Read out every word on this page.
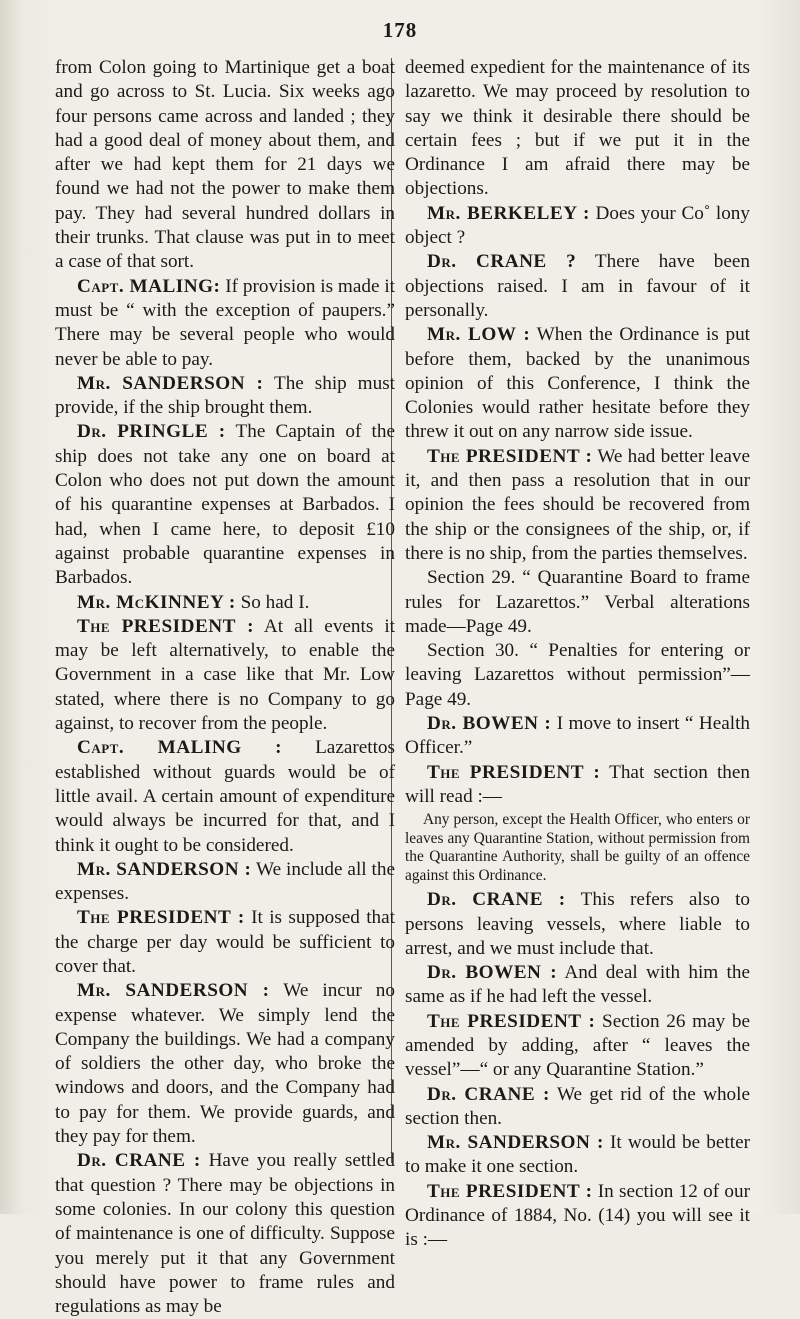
178

from Colon going to Martinique get a boat and go across to St. Lucia. Six weeks ago four persons came across and landed ; they had a good deal of money about them, and after we had kept them for 21 days we found we had not the power to make them pay. They had several hundred dollars in their trunks. That clause was put in to meet a case of that sort.

Capt. MALING: If provision is made it must be “ with the exception of paupers.” There may be several people who would never be able to pay.

Mr. SANDERSON : The ship must provide, if the ship brought them.

Dr. PRINGLE : The Captain of the ship does not take any one on board at Colon who does not put down the amount of his quarantine expenses at Barbados. I had, when I came here, to deposit £10 against probable quarantine expenses in Barbados.

Mr. McKINNEY : So had I.

The PRESIDENT : At all events it may be left alternatively, to enable the Government in a case like that Mr. Low stated, where there is no Company to go against, to recover from the people.

Capt. MALING : Lazarettos established without guards would be of little avail. A certain amount of expenditure would always be incurred for that, and I think it ought to be considered.

Mr. SANDERSON : We include all the expenses.

The PRESIDENT : It is supposed that the charge per day would be sufficient to cover that.

Mr. SANDERSON : We incur no expense whatever. We simply lend the Company the buildings. We had a company of soldiers the other day, who broke the windows and doors, and the Company had to pay for them. We provide guards, and they pay for them.

Dr. CRANE : Have you really settled that question ? There may be objections in some colonies. In our colony this question of maintenance is one of difficulty. Suppose you merely put it that any Government should have power to frame rules and regulations as may be

deemed expedient for the maintenance of its lazaretto. We may proceed by resolution to say we think it desirable there should be certain fees ; but if we put it in the Ordinance I am afraid there may be objections.

Mr. BERKELEY : Does your Co˚ lony object ?

Dr. CRANE ? There have been objections raised. I am in favour of it personally.

Mr. LOW : When the Ordinance is put before them, backed by the unanimous opinion of this Conference, I think the Colonies would rather hesitate before they threw it out on any narrow side issue.

The PRESIDENT : We had better leave it, and then pass a resolution that in our opinion the fees should be recovered from the ship or the consignees of the ship, or, if there is no ship, from the parties themselves.

Section 29. “ Quarantine Board to frame rules for Lazarettos.” Verbal alterations made—Page 49.

Section 30. “ Penalties for entering or leaving Lazarettos without permission”—Page 49.

Dr. BOWEN : I move to insert “ Health Officer.”

The PRESIDENT : That section then will read :—

Any person, except the Health Officer, who enters or leaves any Quarantine Station, without permission from the Quarantine Authority, shall be guilty of an offence against this Ordinance.

Dr. CRANE : This refers also to persons leaving vessels, where liable to arrest, and we must include that.

Dr. BOWEN : And deal with him the same as if he had left the vessel.

The PRESIDENT : Section 26 may be amended by adding, after “ leaves the vessel”—“ or any Quarantine Station.”

Dr. CRANE : We get rid of the whole section then.

Mr. SANDERSON : It would be better to make it one section.

The PRESIDENT : In section 12 of our Ordinance of 1884, No. (14) you will see it is :—
